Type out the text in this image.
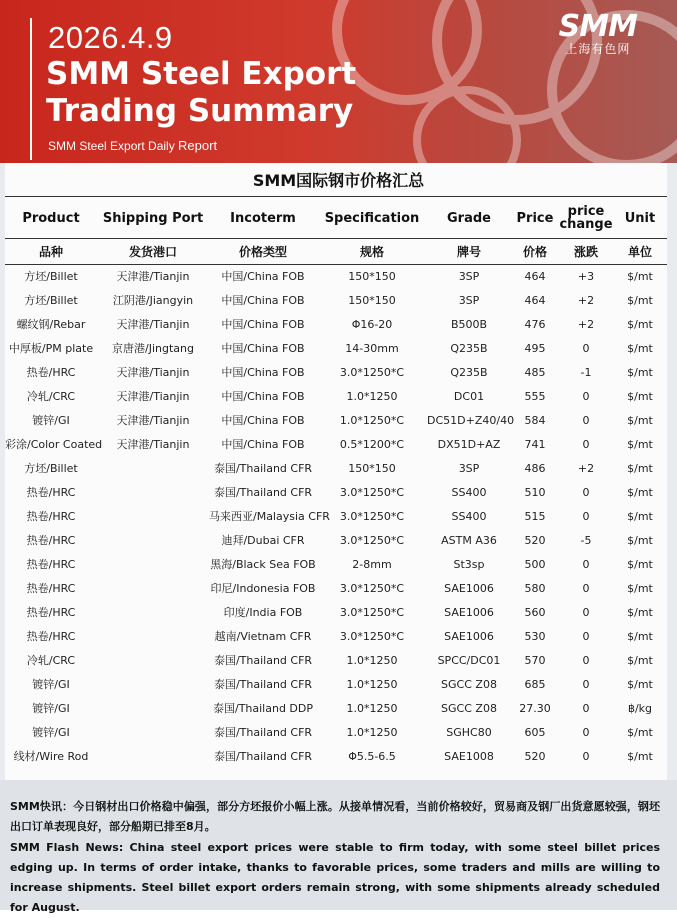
2026.4.9
SMM Steel Export
Trading Summary
SMM Steel Export Daily Report
SMM
上海有色网
SMM国际钢市价格汇总
Product	Shipping Port	Incoterm	Specification	Grade	Price	price change	Unit
品种	发货港口	价格类型	规格	牌号	价格	涨跌	单位
方坯/Billet	天津港/Tianjin	中国/China FOB	150*150	3SP	464	+3	$/mt
方坯/Billet	江阴港/Jiangyin	中国/China FOB	150*150	3SP	464	+2	$/mt
螺纹钢/Rebar	天津港/Tianjin	中国/China FOB	Φ16-20	B500B	476	+2	$/mt
中厚板/PM plate	京唐港/Jingtang	中国/China FOB	14-30mm	Q235B	495	0	$/mt
热卷/HRC	天津港/Tianjin	中国/China FOB	3.0*1250*C	Q235B	485	-1	$/mt
冷轧/CRC	天津港/Tianjin	中国/China FOB	1.0*1250	DC01	555	0	$/mt
镀锌/GI	天津港/Tianjin	中国/China FOB	1.0*1250*C	DC51D+Z40/40	584	0	$/mt
彩涂/Color Coated	天津港/Tianjin	中国/China FOB	0.5*1200*C	DX51D+AZ	741	0	$/mt
方坯/Billet		泰国/Thailand CFR	150*150	3SP	486	+2	$/mt
热卷/HRC		泰国/Thailand CFR	3.0*1250*C	SS400	510	0	$/mt
热卷/HRC		马来西亚/Malaysia CFR	3.0*1250*C	SS400	515	0	$/mt
热卷/HRC		迪拜/Dubai CFR	3.0*1250*C	ASTM A36	520	-5	$/mt
热卷/HRC		黑海/Black Sea FOB	2-8mm	St3sp	500	0	$/mt
热卷/HRC		印尼/Indonesia FOB	3.0*1250*C	SAE1006	580	0	$/mt
热卷/HRC		印度/India FOB	3.0*1250*C	SAE1006	560	0	$/mt
热卷/HRC		越南/Vietnam CFR	3.0*1250*C	SAE1006	530	0	$/mt
冷轧/CRC		泰国/Thailand CFR	1.0*1250	SPCC/DC01	570	0	$/mt
镀锌/GI		泰国/Thailand CFR	1.0*1250	SGCC Z08	685	0	$/mt
镀锌/GI		泰国/Thailand DDP	1.0*1250	SGCC Z08	27.30	0	฿/kg
镀锌/GI		泰国/Thailand CFR	1.0*1250	SGHC80	605	0	$/mt
线材/Wire Rod		泰国/Thailand CFR	Φ5.5-6.5	SAE1008	520	0	$/mt
SMM快讯：今日钢材出口价格稳中偏强，部分方坯报价小幅上涨。从接单情况看，当前价格较好，贸易商及钢厂出货意愿较强，钢坯出口订单表现良好，部分船期已排至8月。
SMM Flash News: China steel export prices were stable to firm today, with some steel billet prices edging up. In terms of order intake, thanks to favorable prices, some traders and mills are willing to increase shipments. Steel billet export orders remain strong, with some shipments already scheduled for August.
